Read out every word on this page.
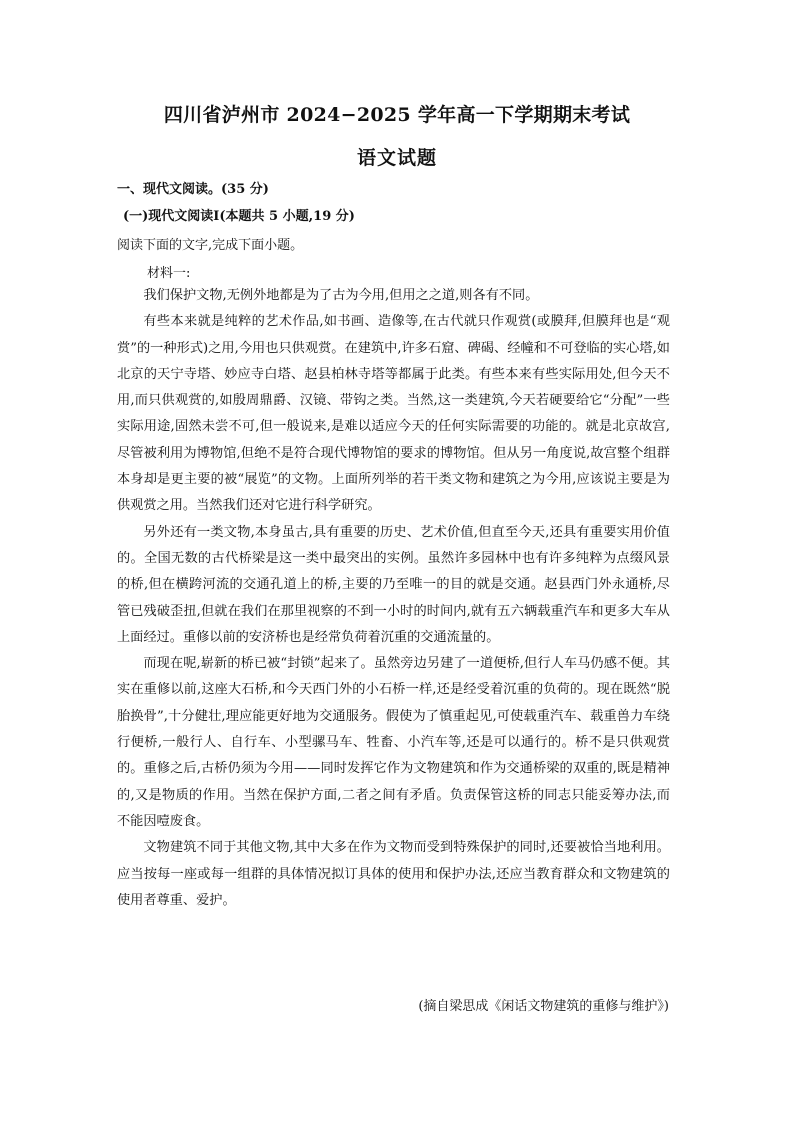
四川省泸州市 2024−2025 学年高一下学期期末考试
语文试题
一、现代文阅读。(35 分)
(一)现代文阅读Ⅰ(本题共 5 小题,19 分)
阅读下面的文字,完成下面小题。
材料一:

我们保护文物,无例外地都是为了古为今用,但用之之道,则各有不同。

有些本来就是纯粹的艺术作品,如书画、造像等,在古代就只作观赏(或膜拜,但膜拜也是“观赏”的一种形式)之用,今用也只供观赏。在建筑中,许多石窟、碑碣、经幢和不可登临的实心塔,如北京的天宁寺塔、妙应寺白塔、赵县柏林寺塔等都属于此类。有些本来有些实际用处,但今天不用,而只供观赏的,如殷周鼎爵、汉镜、带钩之类。当然,这一类建筑,今天若硬要给它“分配”一些实际用途,固然未尝不可,但一般说来,是难以适应今天的任何实际需要的功能的。就是北京故宫,尽管被利用为博物馆,但绝不是符合现代博物馆的要求的博物馆。但从另一角度说,故宫整个组群本身却是更主要的被“展览”的文物。上面所列举的若干类文物和建筑之为今用,应该说主要是为供观赏之用。当然我们还对它进行科学研究。

另外还有一类文物,本身虽古,具有重要的历史、艺术价值,但直至今天,还具有重要实用价值的。全国无数的古代桥梁是这一类中最突出的实例。虽然许多园林中也有许多纯粹为点缀风景的桥,但在横跨河流的交通孔道上的桥,主要的乃至唯一的目的就是交通。赵县西门外永通桥,尽管已残破歪扭,但就在我们在那里视察的不到一小时的时间内,就有五六辆载重汽车和更多大车从上面经过。重修以前的安济桥也是经常负荷着沉重的交通流量的。

而现在呢,崭新的桥已被“封锁”起来了。虽然旁边另建了一道便桥,但行人车马仍感不便。其实在重修以前,这座大石桥,和今天西门外的小石桥一样,还是经受着沉重的负荷的。现在既然“脱胎换骨”,十分健壮,理应能更好地为交通服务。假使为了慎重起见,可使载重汽车、载重兽力车绕行便桥,一般行人、自行车、小型骡马车、牲畜、小汽车等,还是可以通行的。桥不是只供观赏的。重修之后,古桥仍须为今用——同时发挥它作为文物建筑和作为交通桥梁的双重的,既是精神的,又是物质的作用。当然在保护方面,二者之间有矛盾。负责保管这桥的同志只能妥筹办法,而不能因噎废食。

文物建筑不同于其他文物,其中大多在作为文物而受到特殊保护的同时,还要被恰当地利用。应当按每一座或每一组群的具体情况拟订具体的使用和保护办法,还应当教育群众和文物建筑的使用者尊重、爱护。

(摘自梁思成《闲话文物建筑的重修与维护》)
